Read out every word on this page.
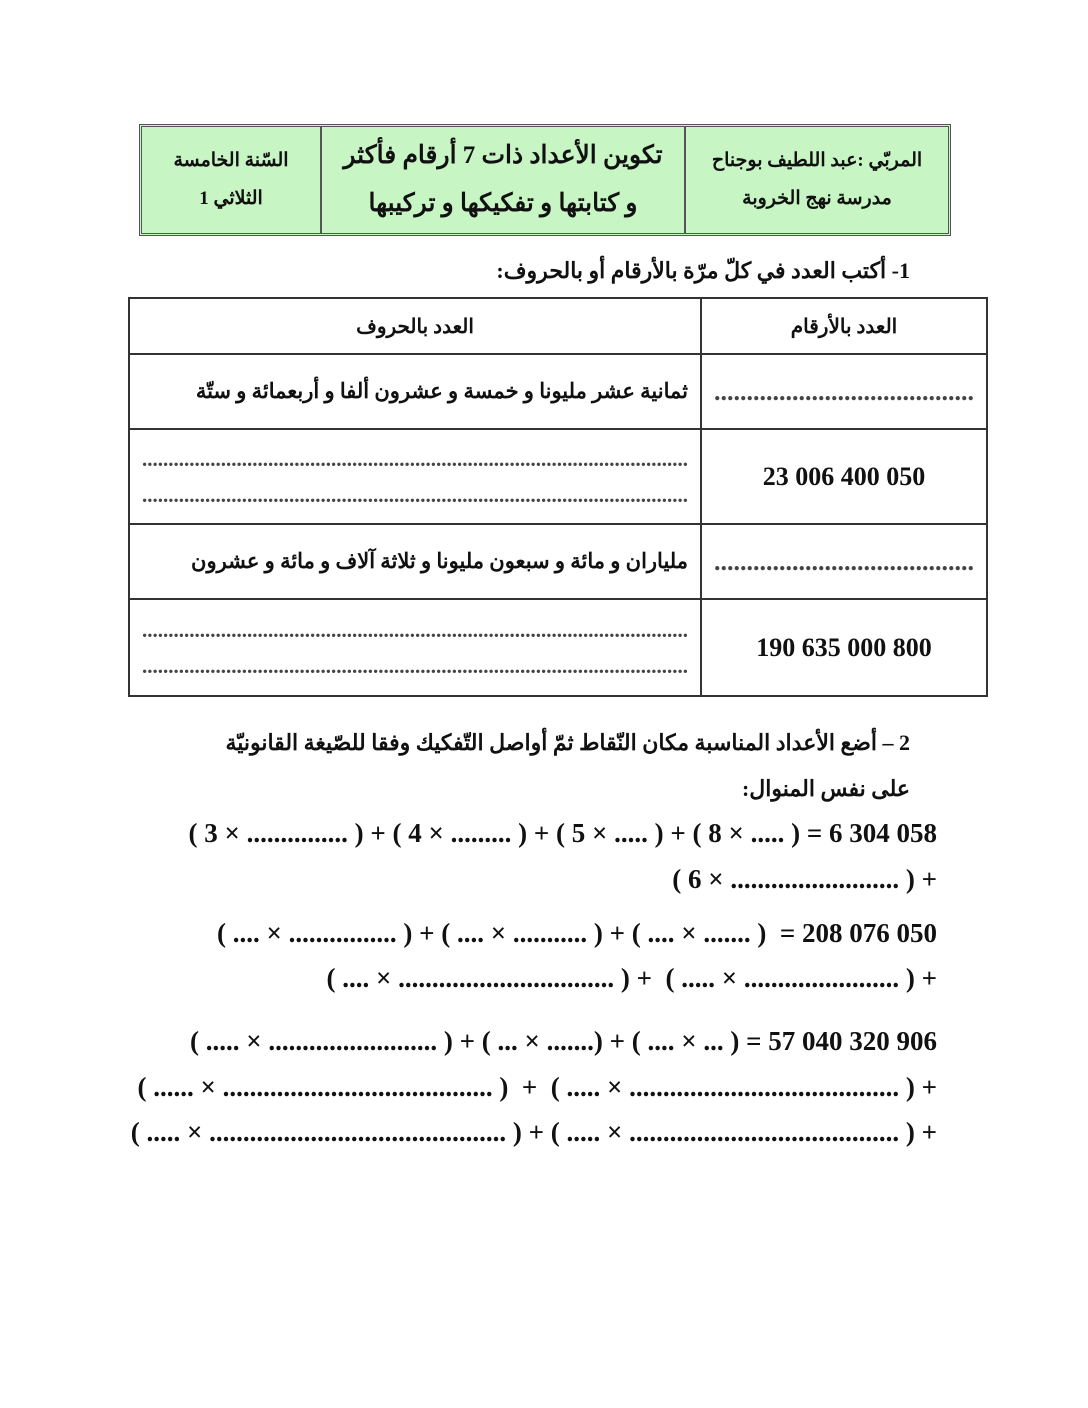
المربّي :عبد اللطيف بوجناح
مدرسة نهج الخروبة
تكوين الأعداد ذات 7 أرقام فأكثر
و كتابتها و تفكيكها و تركيبها
السّنة الخامسة
الثلاثي 1
1- أكتب العدد في كلّ مرّة بالأرقام أو بالحروف:
العدد بالأرقام	العدد بالحروف
........................................	ثمانية عشر مليونا و خمسة و عشرون ألفا و أربعمائة و ستّة
23 006 400 050	........................................................................................................
........................................................................................................

........................................	ملياران و مائة و سبعون مليونا و ثلاثة آلاف و مائة و عشرون
190 635 000 800	........................................................................................................
........................................................................................................
2 – أضع الأعداد المناسبة مكان النّقاط ثمّ أواصل التّفكيك وفقا للصّيغة القانونيّة
على نفس المنوال:
( 3 × ............... ) + ( 4 × ......... ) + ( 5 × ..... ) + ( 8 × ..... ) = 6 304 058
( 6 × ......................... ) +
( .... × ................ ) + ( .... × ........... ) + ( .... × ....... )  = 208 076 050
( .... × ................................ ) +  ( ..... × ....................... ) +
( ..... × ......................... ) + ( ... × .......) + ( .... × ... ) = 57 040 320 906
( ...... × ........................................ )  +  ( ..... × ........................................ ) +
( ..... × ............................................ ) + ( ..... × ........................................ ) +
